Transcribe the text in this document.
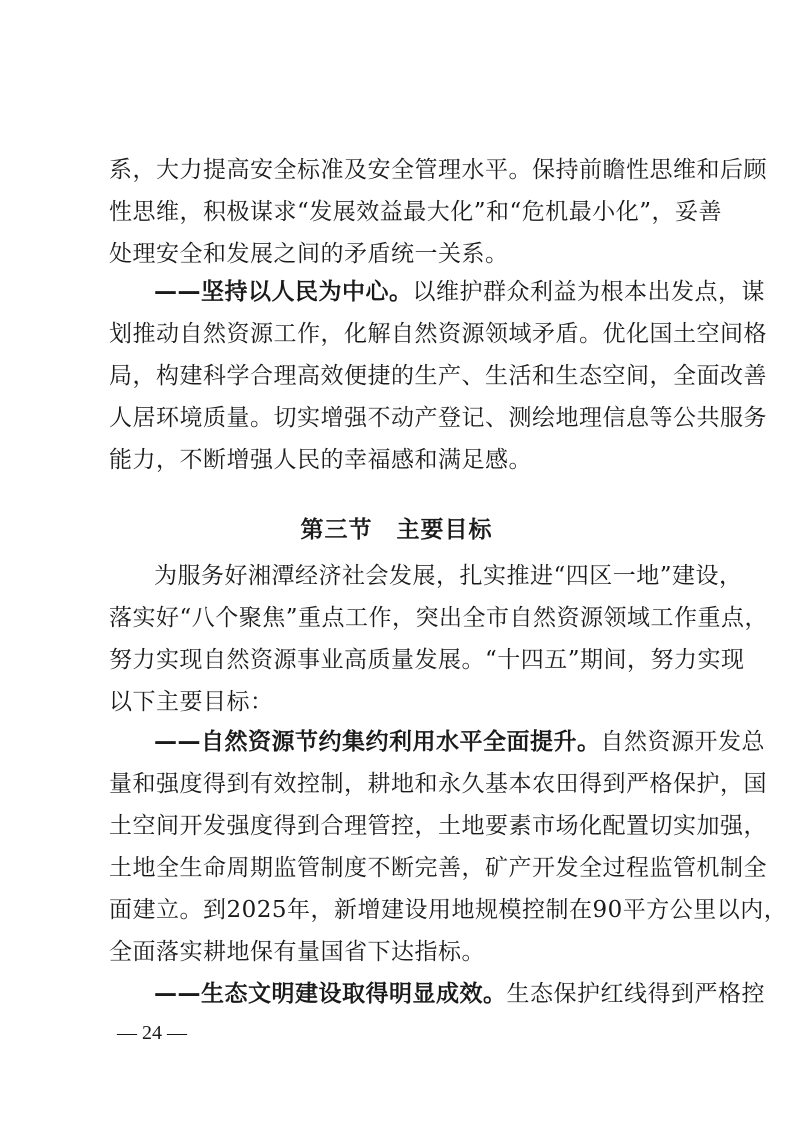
系，大力提高安全标准及安全管理水平。保持前瞻性思维和后顾
性思维，积极谋求“发展效益最大化”和“危机最小化”，妥善
处理安全和发展之间的矛盾统一关系。
——坚持以人民为中心。以维护群众利益为根本出发点，谋
划推动自然资源工作，化解自然资源领域矛盾。优化国土空间格
局，构建科学合理高效便捷的生产、生活和生态空间，全面改善
人居环境质量。切实增强不动产登记、测绘地理信息等公共服务
能力，不断增强人民的幸福感和满足感。
第三节　主要目标
为服务好湘潭经济社会发展，扎实推进“四区一地”建设，
落实好“八个聚焦”重点工作，突出全市自然资源领域工作重点，
努力实现自然资源事业高质量发展。“十四五”期间，努力实现
以下主要目标：
——自然资源节约集约利用水平全面提升。自然资源开发总
量和强度得到有效控制，耕地和永久基本农田得到严格保护，国
土空间开发强度得到合理管控，土地要素市场化配置切实加强，
土地全生命周期监管制度不断完善，矿产开发全过程监管机制全
面建立。到2025年，新增建设用地规模控制在90平方公里以内，
全面落实耕地保有量国省下达指标。
——生态文明建设取得明显成效。生态保护红线得到严格控
— 24 —
